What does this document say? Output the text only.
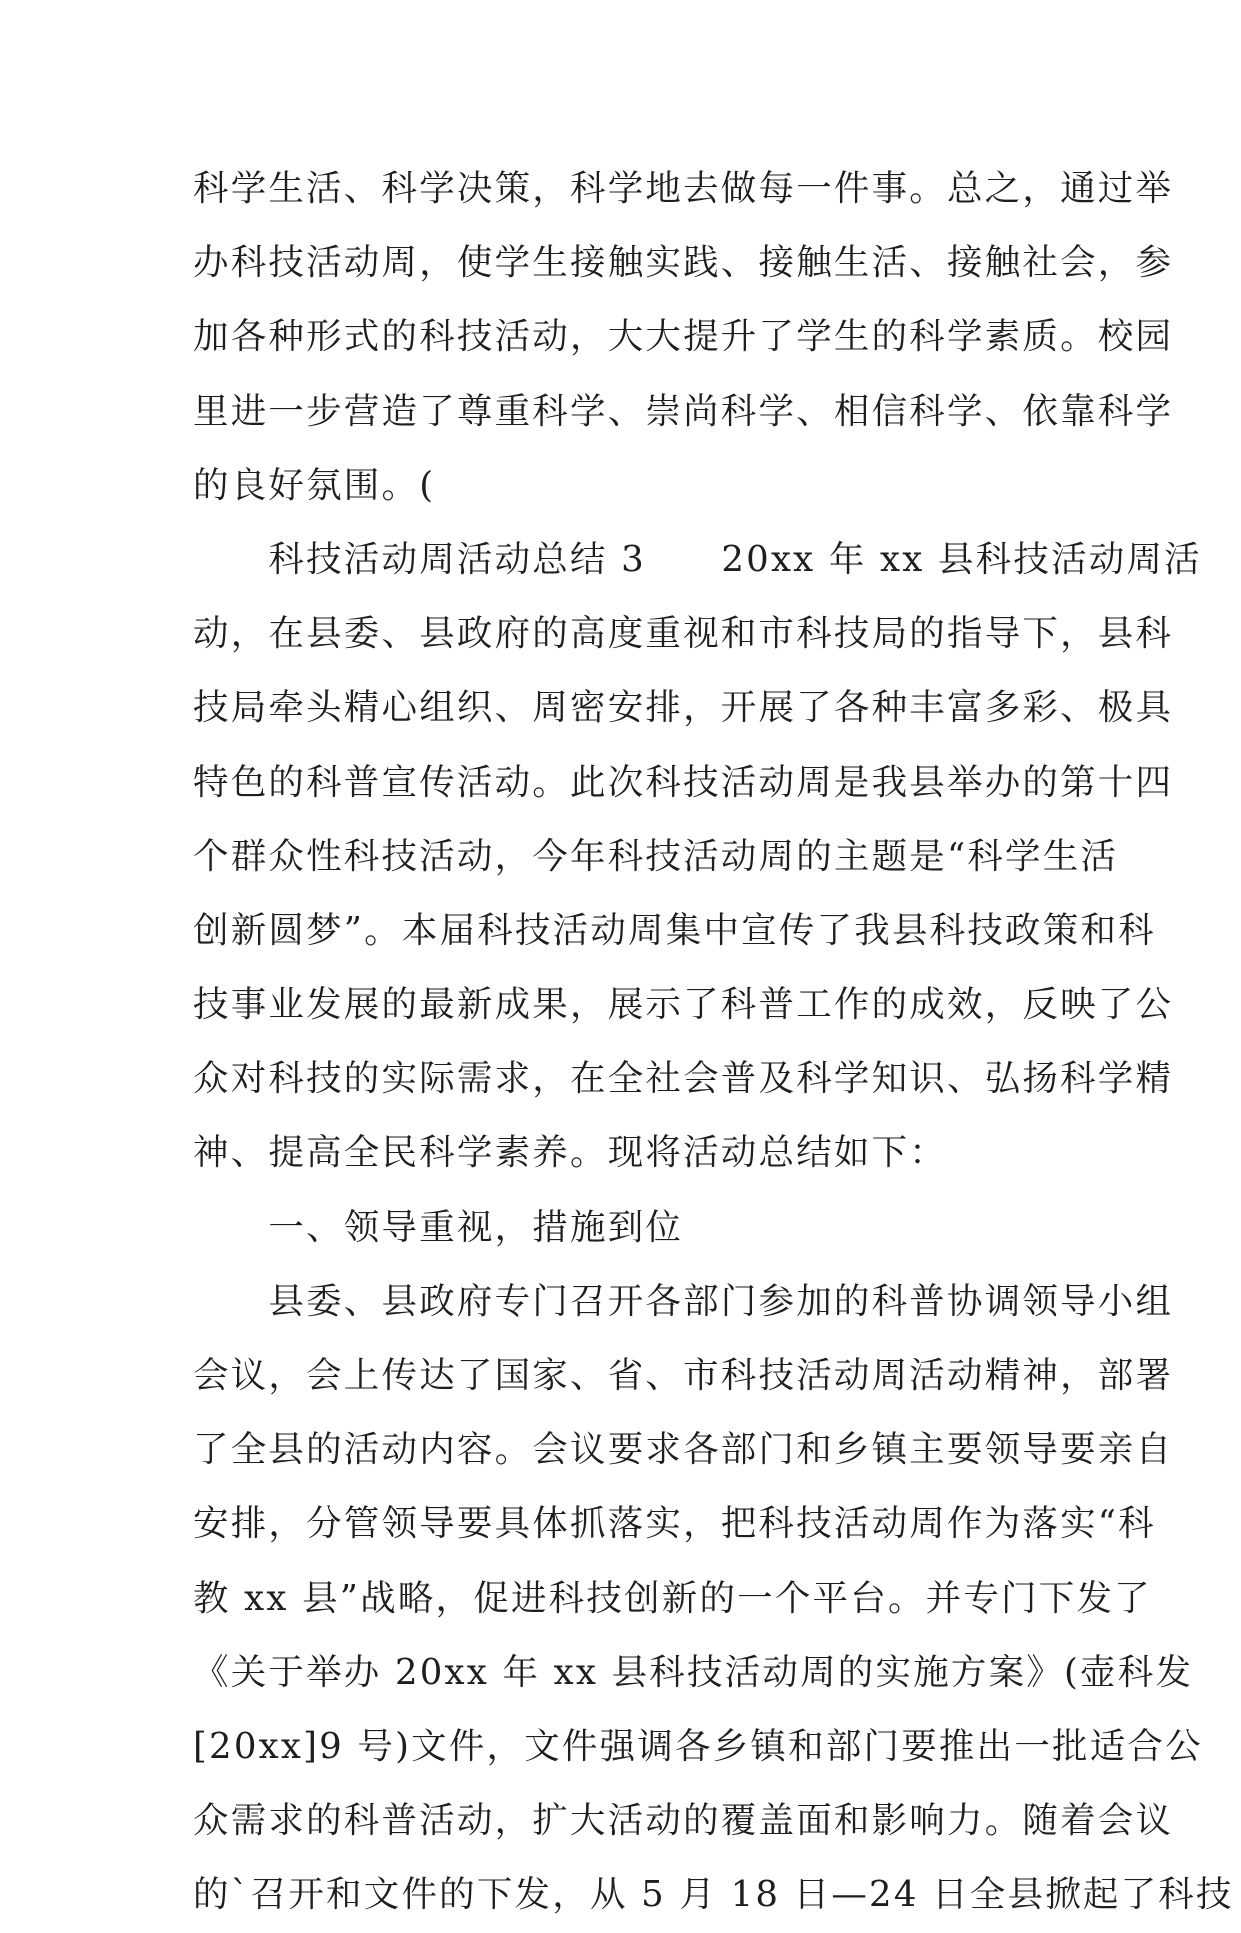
科学生活、科学决策，科学地去做每一件事。总之，通过举
办科技活动周，使学生接触实践、接触生活、接触社会，参
加各种形式的科技活动，大大提升了学生的科学素质。校园
里进一步营造了尊重科学、崇尚科学、相信科学、依靠科学
的良好氛围。(
　　科技活动周活动总结 3　　20xx 年 xx 县科技活动周活
动，在县委、县政府的高度重视和市科技局的指导下，县科
技局牵头精心组织、周密安排，开展了各种丰富多彩、极具
特色的科普宣传活动。此次科技活动周是我县举办的第十四
个群众性科技活动，今年科技活动周的主题是“科学生活
创新圆梦”。本届科技活动周集中宣传了我县科技政策和科
技事业发展的最新成果，展示了科普工作的成效，反映了公
众对科技的实际需求，在全社会普及科学知识、弘扬科学精
神、提高全民科学素养。现将活动总结如下：
　　一、领导重视，措施到位
　　县委、县政府专门召开各部门参加的科普协调领导小组
会议，会上传达了国家、省、市科技活动周活动精神，部署
了全县的活动内容。会议要求各部门和乡镇主要领导要亲自
安排，分管领导要具体抓落实，把科技活动周作为落实“科
教 xx 县”战略，促进科技创新的一个平台。并专门下发了
《关于举办 20xx 年 xx 县科技活动周的实施方案》(壶科发
[20xx]9 号)文件，文件强调各乡镇和部门要推出一批适合公
众需求的科普活动，扩大活动的覆盖面和影响力。随着会议
的`召开和文件的下发，从 5 月 18 日—24 日全县掀起了科技
